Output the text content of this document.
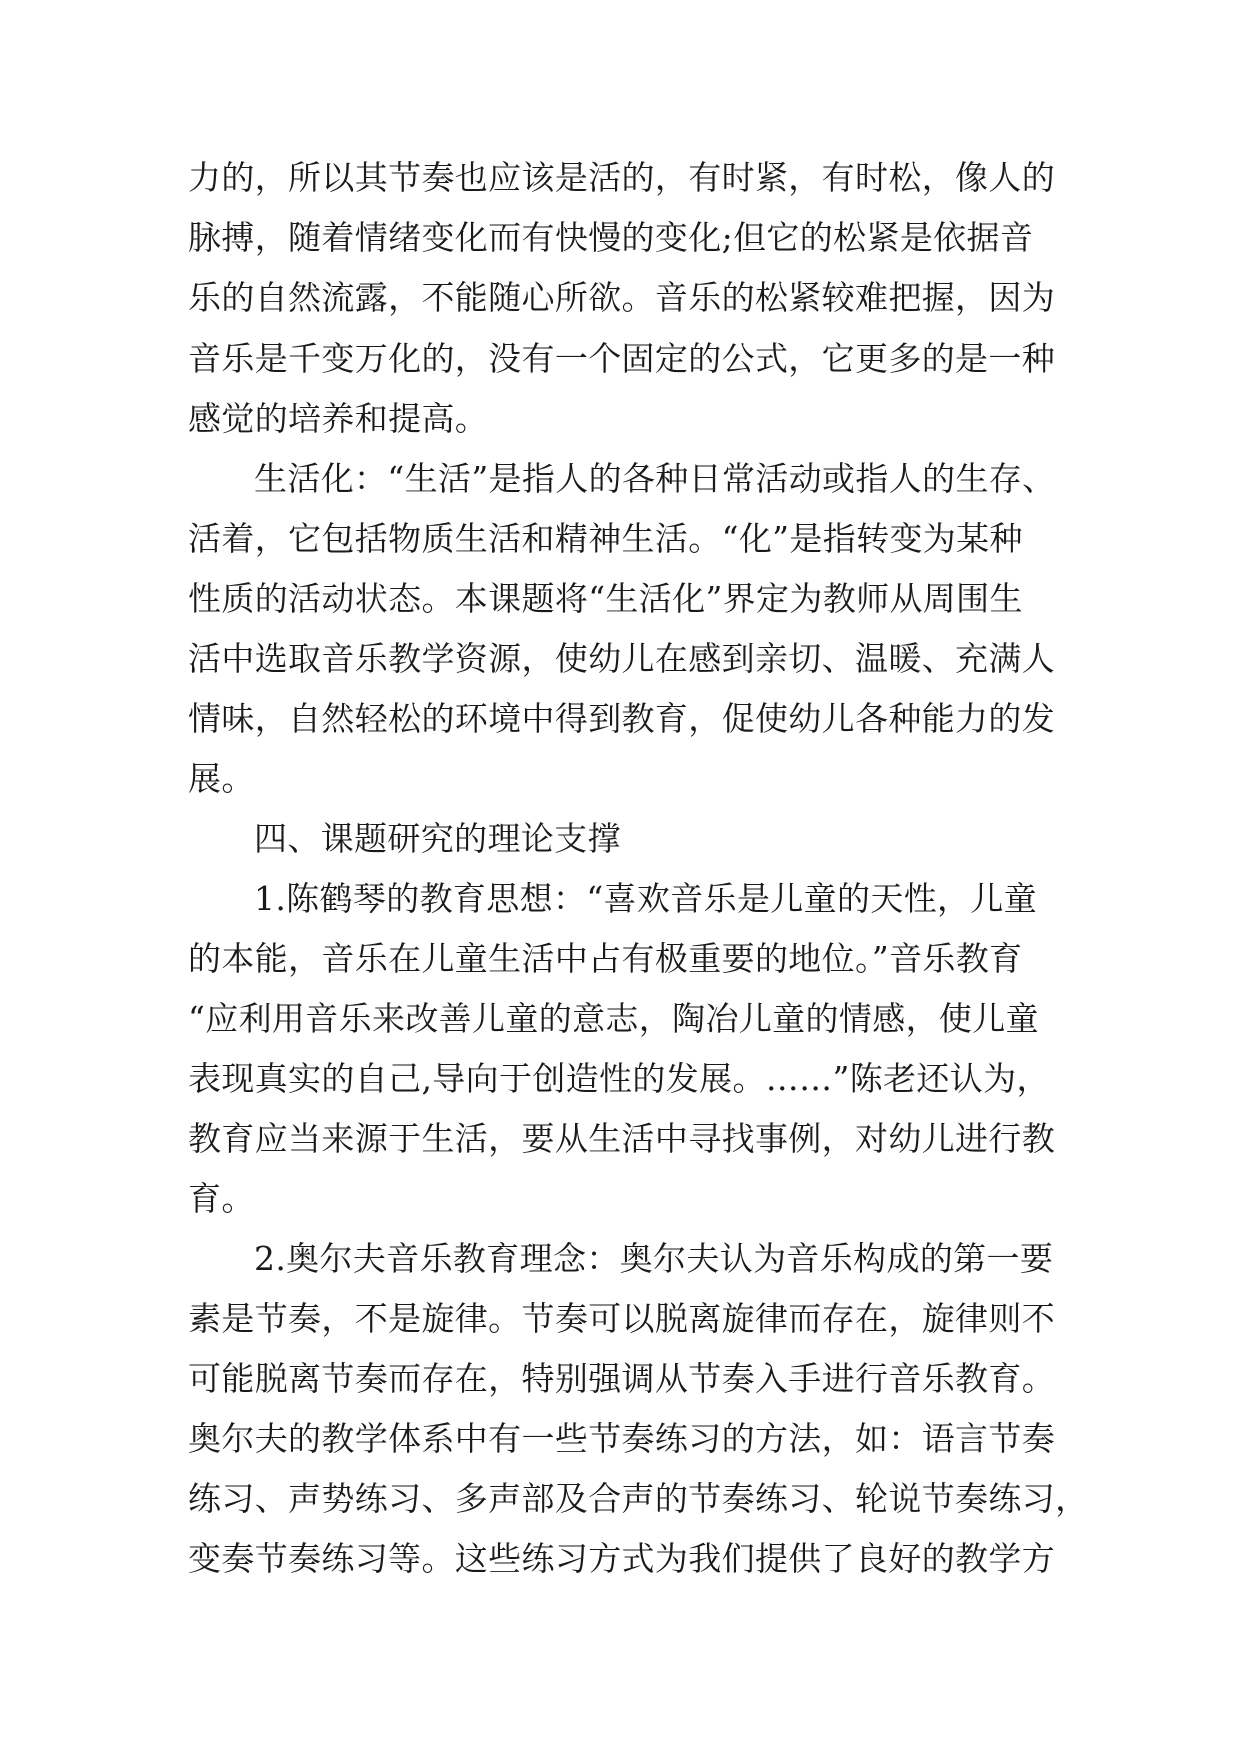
力的，所以其节奏也应该是活的，有时紧，有时松，像人的
脉搏，随着情绪变化而有快慢的变化;但它的松紧是依据音
乐的自然流露，不能随心所欲。音乐的松紧较难把握，因为
音乐是千变万化的，没有一个固定的公式，它更多的是一种
感觉的培养和提高。
生活化：“生活”是指人的各种日常活动或指人的生存、
活着，它包括物质生活和精神生活。“化”是指转变为某种
性质的活动状态。本课题将“生活化”界定为教师从周围生
活中选取音乐教学资源，使幼儿在感到亲切、温暖、充满人
情味，自然轻松的环境中得到教育，促使幼儿各种能力的发
展。
四、课题研究的理论支撑
1.陈鹤琴的教育思想：“喜欢音乐是儿童的天性，儿童
的本能，音乐在儿童生活中占有极重要的地位。”音乐教育
“应利用音乐来改善儿童的意志，陶冶儿童的情感，使儿童
表现真实的自己,导向于创造性的发展。……”陈老还认为，
教育应当来源于生活，要从生活中寻找事例，对幼儿进行教
育。
2.奥尔夫音乐教育理念：奥尔夫认为音乐构成的第一要
素是节奏，不是旋律。节奏可以脱离旋律而存在，旋律则不
可能脱离节奏而存在，特别强调从节奏入手进行音乐教育。
奥尔夫的教学体系中有一些节奏练习的方法，如：语言节奏
练习、声势练习、多声部及合声的节奏练习、轮说节奏练习，
变奏节奏练习等。这些练习方式为我们提供了良好的教学方
